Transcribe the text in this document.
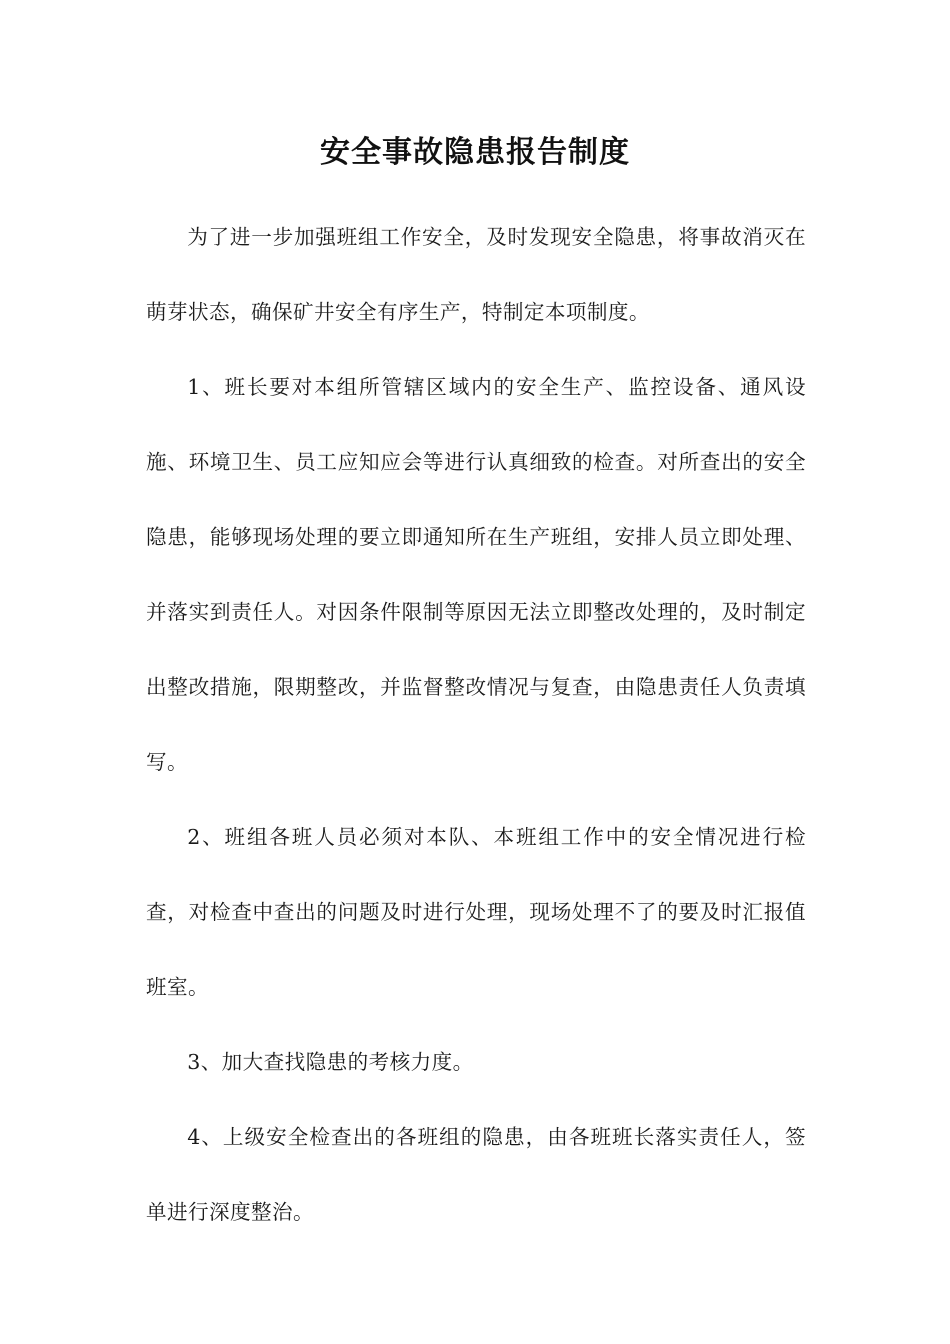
安全事故隐患报告制度

为了进一步加强班组工作安全，及时发现安全隐患，将事故消灭在萌芽状态，确保矿井安全有序生产，特制定本项制度。

1、班长要对本组所管辖区域内的安全生产、监控设备、通风设施、环境卫生、员工应知应会等进行认真细致的检查。对所查出的安全隐患，能够现场处理的要立即通知所在生产班组，安排人员立即处理、并落实到责任人。对因条件限制等原因无法立即整改处理的，及时制定出整改措施，限期整改，并监督整改情况与复查，由隐患责任人负责填写。

2、班组各班人员必须对本队、本班组工作中的安全情况进行检查，对检查中查出的问题及时进行处理，现场处理不了的要及时汇报值班室。

3、加大查找隐患的考核力度。

4、上级安全检查出的各班组的隐患，由各班班长落实责任人，签单进行深度整治。
